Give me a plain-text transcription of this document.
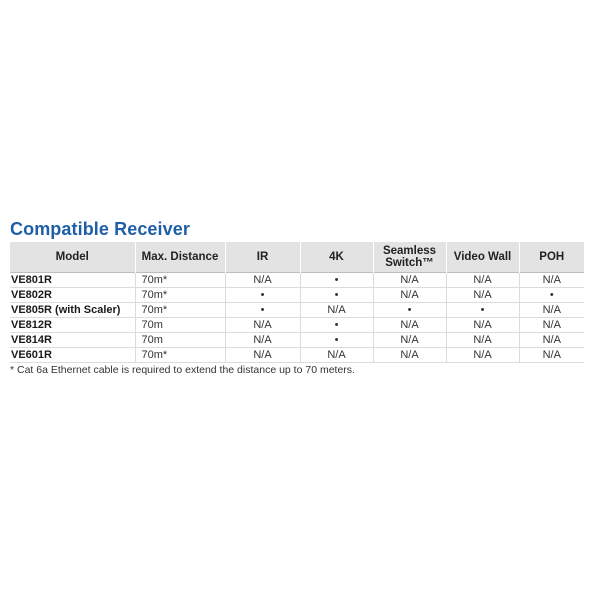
Compatible Receiver
Model	Max. Distance	IR	4K	Seamless Switch™	Video Wall	POH
VE801R	70m*	N/A	•	N/A	N/A	N/A
VE802R	70m*	•	•	N/A	N/A	•
VE805R (with Scaler)	70m*	•	N/A	•	•	N/A
VE812R	70m	N/A	•	N/A	N/A	N/A
VE814R	70m	N/A	•	N/A	N/A	N/A
VE601R	70m*	N/A	N/A	N/A	N/A	N/A
* Cat 6a Ethernet cable is required to extend the distance up to 70 meters.
